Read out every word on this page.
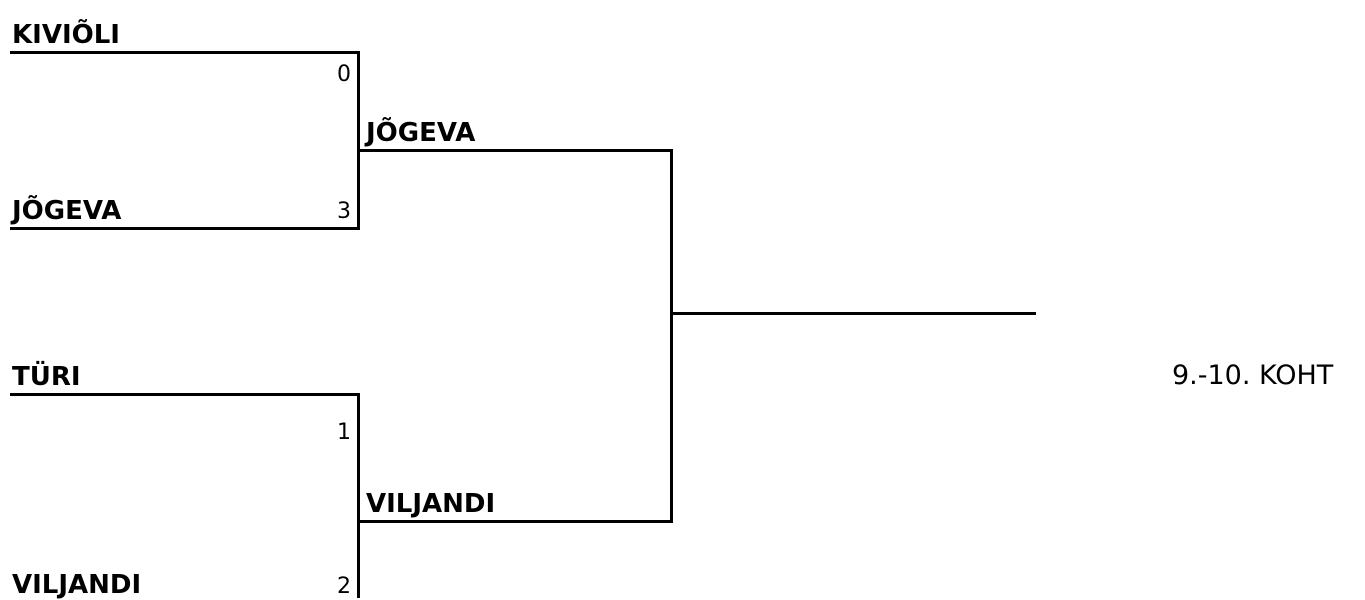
KIVIÕLI
0
JÕGEVA	3
TÜRI
1
VILJANDI	2
JÕGEVA
VILJANDI
9.-10. KOHT
